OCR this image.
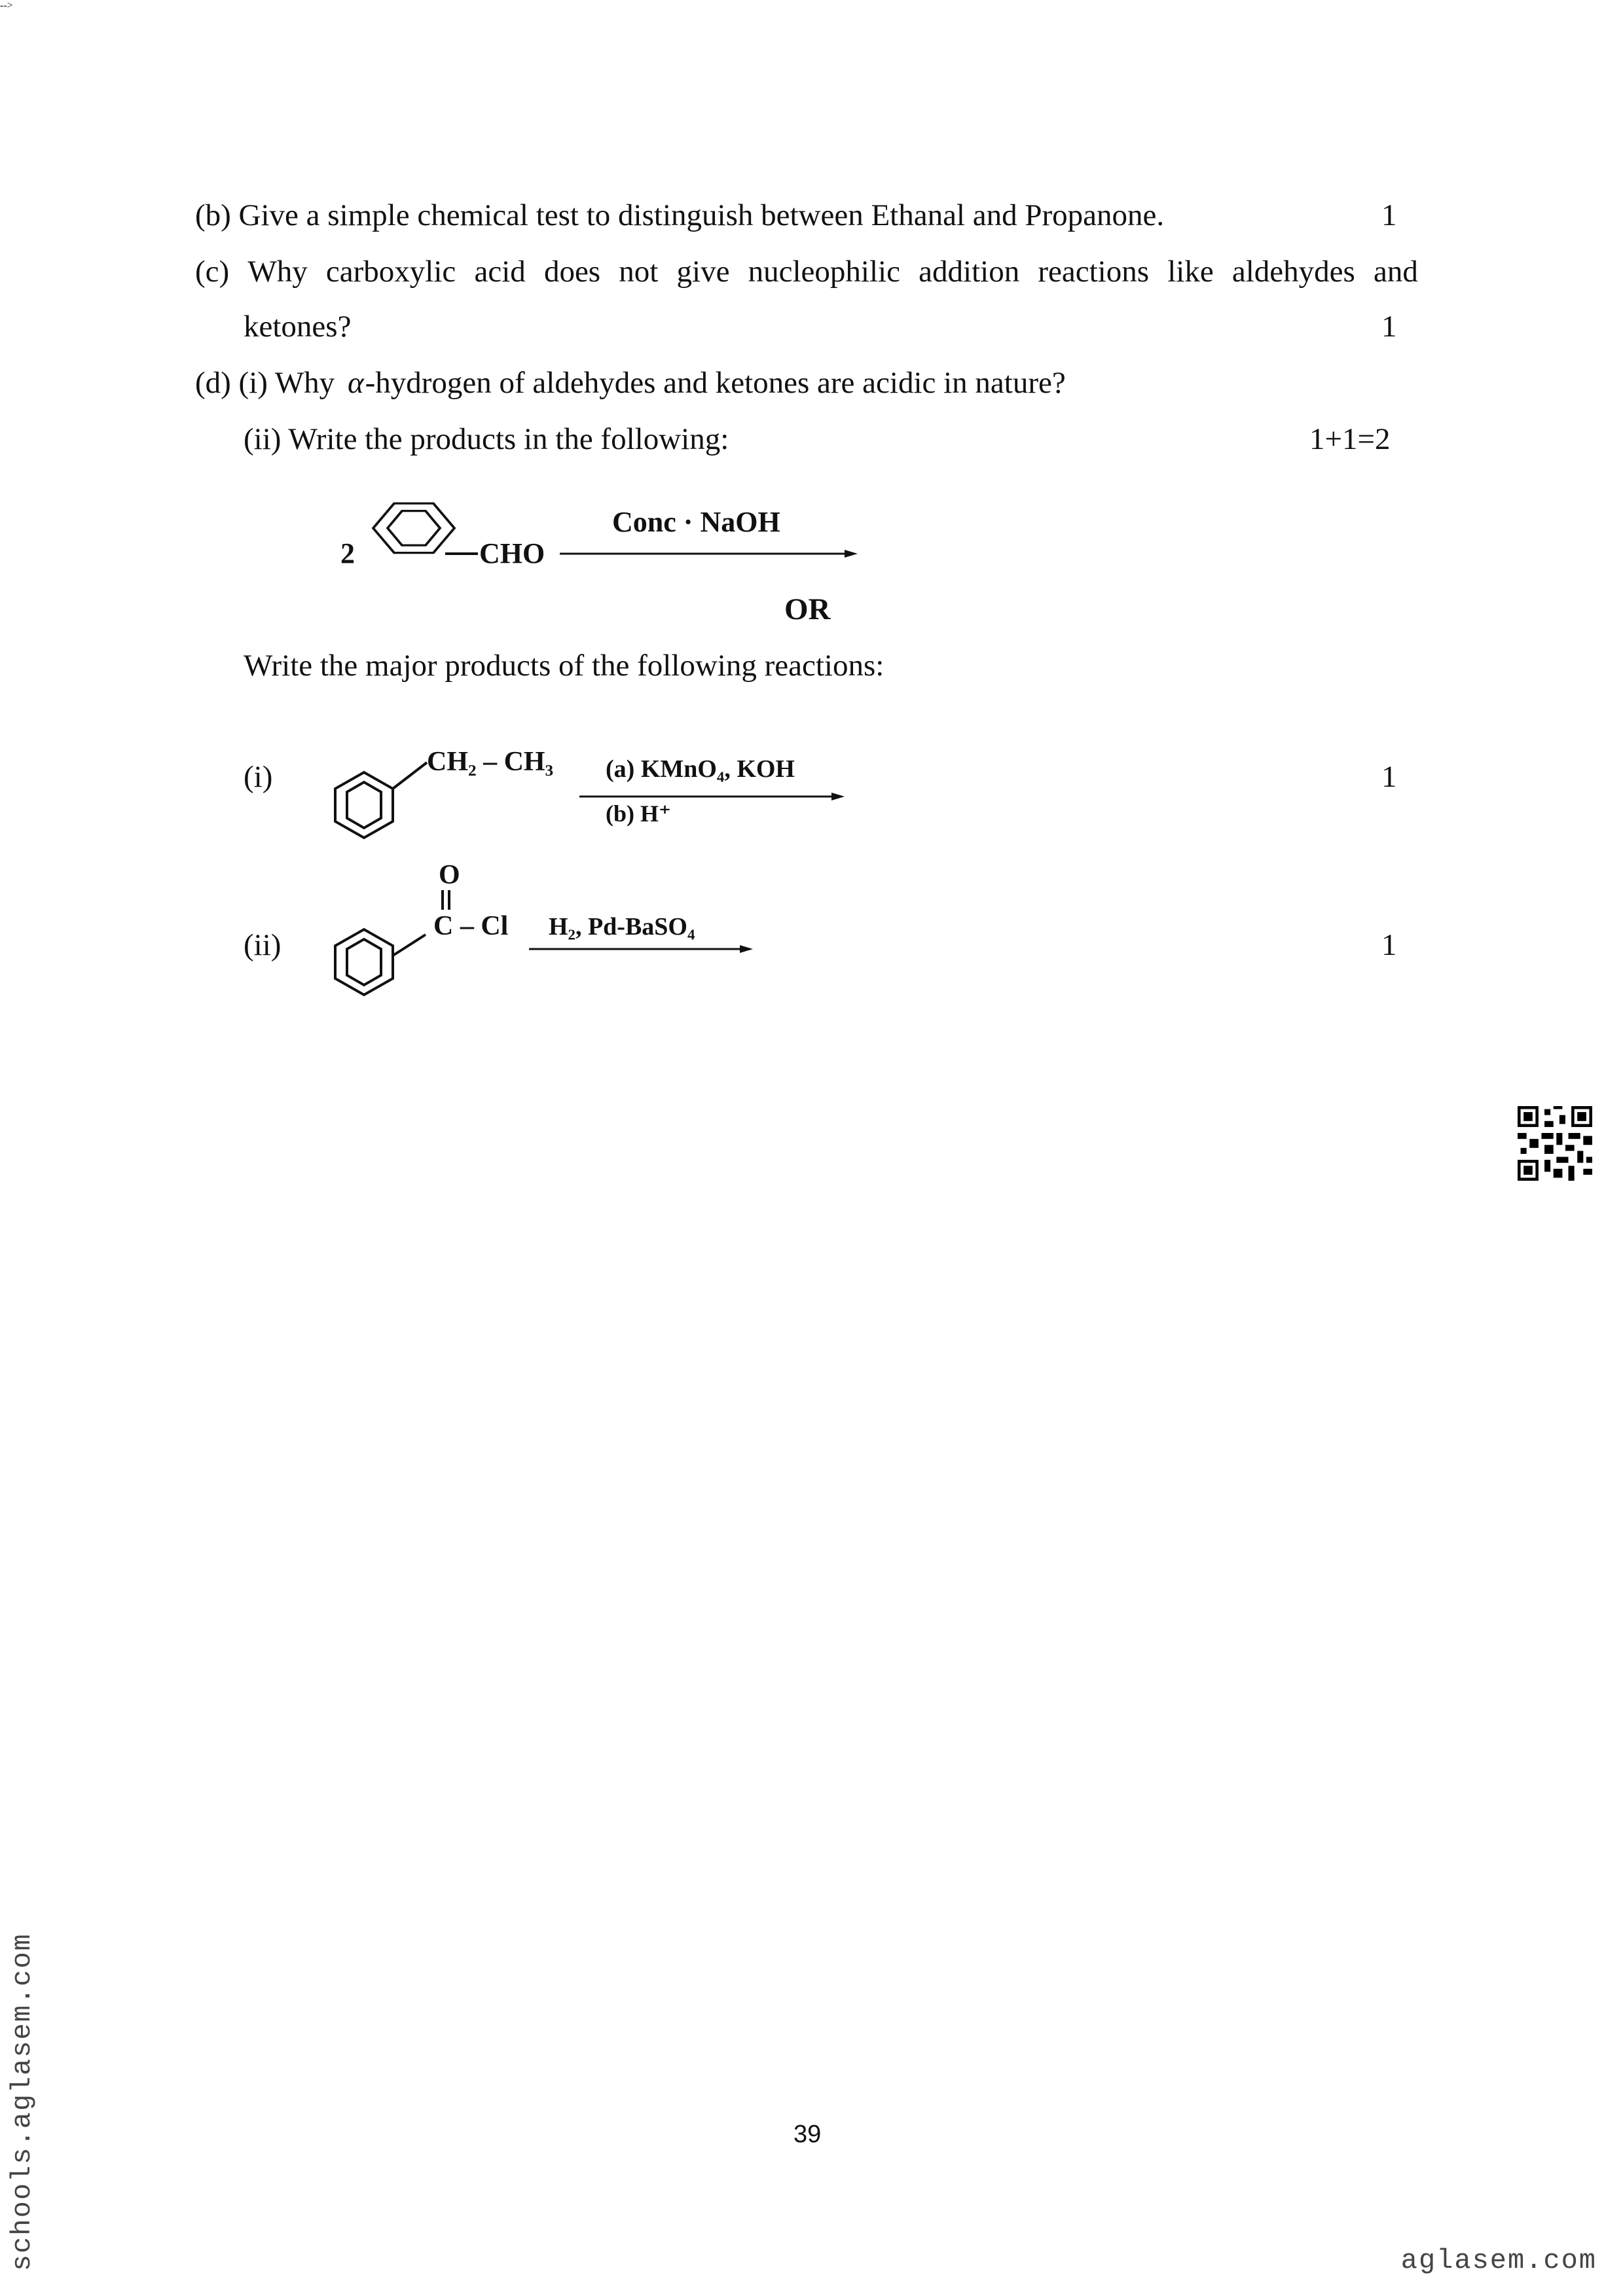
(b) Give a simple chemical test to distinguish between Ethanal and Propanone.	1
(c) Why carboxylic acid does not give nucleophilic addition reactions like aldehydes and
ketones?	1
(d) (i) Why α-hydrogen of aldehydes and ketones are acidic in nature?
(ii) Write the products in the following:	1+1=2
-->
2	CHO
Conc · NaOH
OR
Write the major products of the following reactions:
(i)	1
CH₂ – CH₃ (a) KMnO₄, KOH
(b) H⁺
(ii)	1
O
C – Cl H₂, Pd-BaSO₄
39
schools.aglasem.com	aglasem.com
